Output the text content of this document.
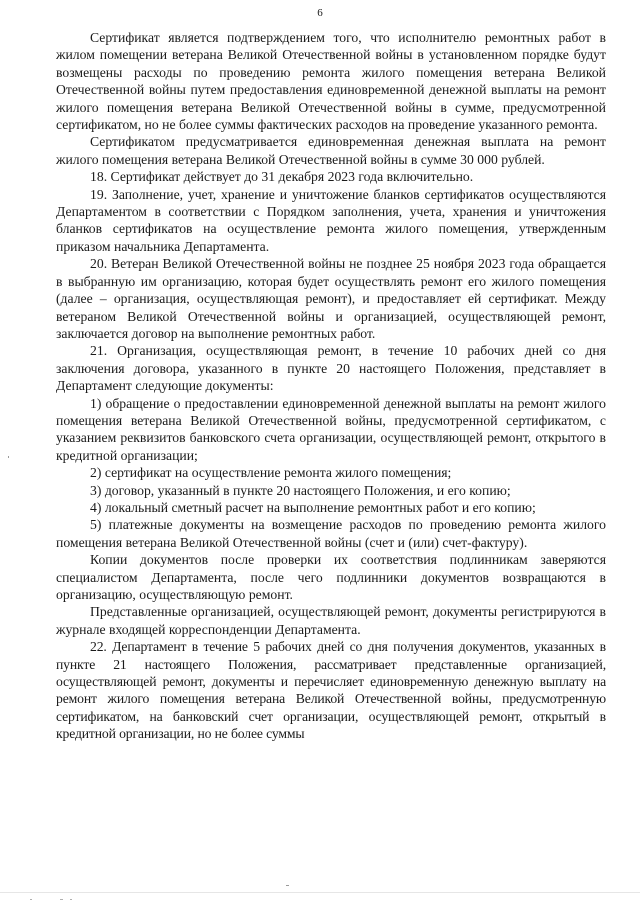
6

Сертификат является подтверждением того, что исполнителю ремонтных работ в жилом помещении ветерана Великой Отечественной войны в установленном порядке будут возмещены расходы по проведению ремонта жилого помещения ветерана Великой Отечественной войны путем предоставления единовременной денежной выплаты на ремонт жилого помещения ветерана Великой Отечественной войны в сумме, предусмотренной сертификатом, но не более суммы фактических расходов на проведение указанного ремонта.

Сертификатом предусматривается единовременная денежная выплата на ремонт жилого помещения ветерана Великой Отечественной войны в сумме 30 000 рублей.

18. Сертификат действует до 31 декабря 2023 года включительно.

19. Заполнение, учет, хранение и уничтожение бланков сертификатов осуществляются Департаментом в соответствии с Порядком заполнения, учета, хранения и уничтожения бланков сертификатов на осуществление ремонта жилого помещения, утвержденным приказом начальника Департамента.

20. Ветеран Великой Отечественной войны не позднее 25 ноября 2023 года обращается в выбранную им организацию, которая будет осуществлять ремонт его жилого помещения (далее – организация, осуществляющая ремонт), и предоставляет ей сертификат. Между ветераном Великой Отечественной войны и организацией, осуществляющей ремонт, заключается договор на выполнение ремонтных работ.

21. Организация, осуществляющая ремонт, в течение 10 рабочих дней со дня заключения договора, указанного в пункте 20 настоящего Положения, представляет в Департамент следующие документы:

1) обращение о предоставлении единовременной денежной выплаты на ремонт жилого помещения ветерана Великой Отечественной войны, предусмотренной сертификатом, с указанием реквизитов банковского счета организации, осуществляющей ремонт, открытого в кредитной организации;

2) сертификат на осуществление ремонта жилого помещения;

3) договор, указанный в пункте 20 настоящего Положения, и его копию;

4) локальный сметный расчет на выполнение ремонтных работ и его копию;

5) платежные документы на возмещение расходов по проведению ремонта жилого помещения ветерана Великой Отечественной войны (счет и (или) счет-фактуру).

Копии документов после проверки их соответствия подлинникам заверяются специалистом Департамента, после чего подлинники документов возвращаются в организацию, осуществляющую ремонт.

Представленные организацией, осуществляющей ремонт, документы регистрируются в журнале входящей корреспонденции Департамента.

22. Департамент в течение 5 рабочих дней со дня получения документов, указанных в пункте 21 настоящего Положения, рассматривает представленные организацией, осуществляющей ремонт, документы и перечисляет единовременную денежную выплату на ремонт жилого помещения ветерана Великой Отечественной войны, предусмотренную сертификатом, на банковский счет организации, осуществляющей ремонт, открытый в кредитной организации, но не более суммы
